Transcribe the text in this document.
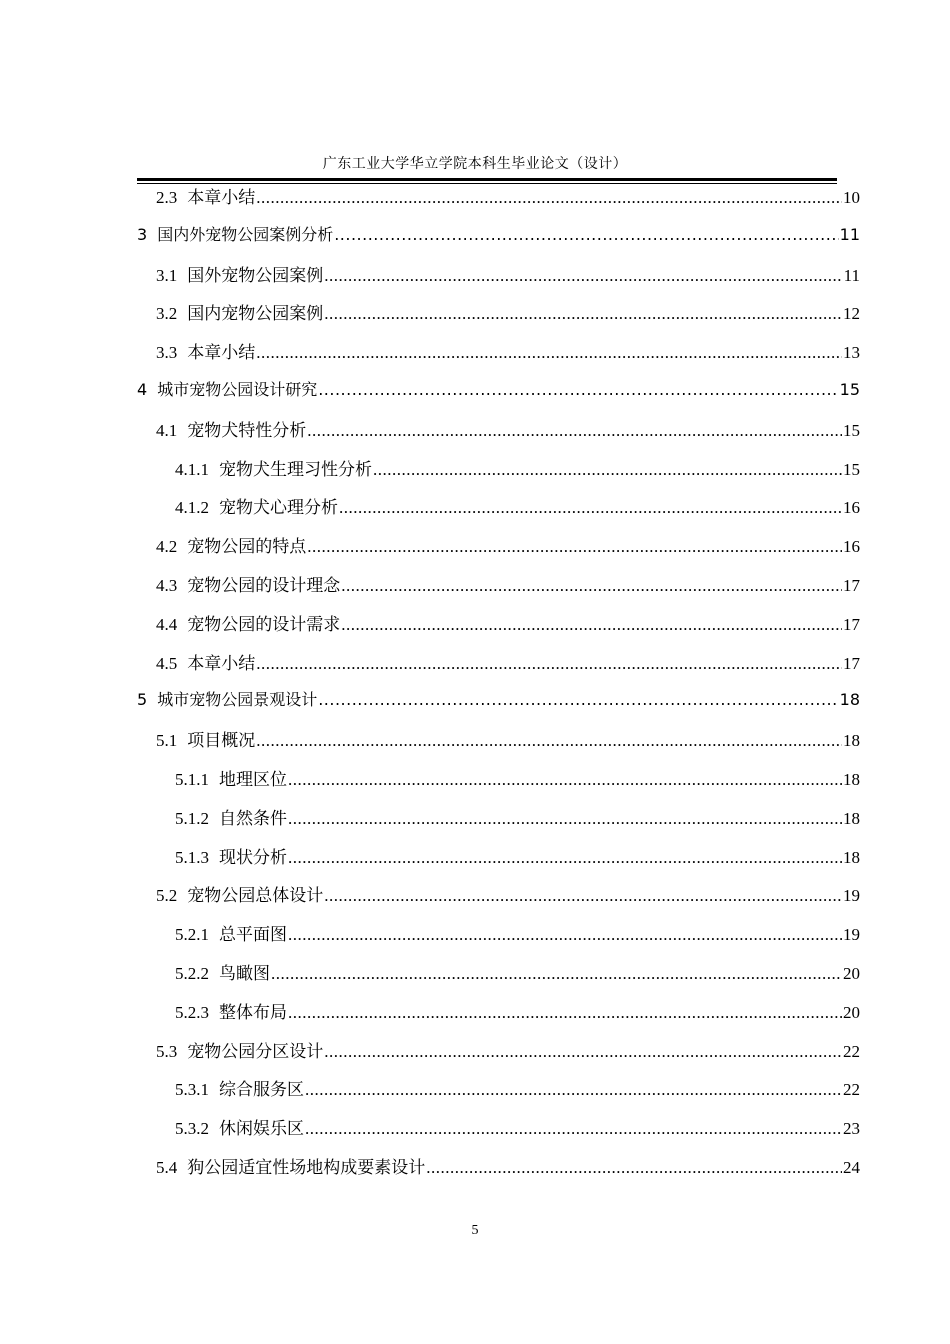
广东工业大学华立学院本科生毕业论文（设计）
2.3 本章小结 .....	10
3 国内外宠物公园案例分析 .....	11
3.1 国外宠物公园案例 .....	11
3.2 国内宠物公园案例 .....	12
3.3 本章小结 .....	13
4 城市宠物公园设计研究 .....	15
4.1 宠物犬特性分析 .....	15
4.1.1 宠物犬生理习性分析 .....	15
4.1.2 宠物犬心理分析 .....	16
4.2 宠物公园的特点 .....	16
4.3 宠物公园的设计理念 .....	17
4.4 宠物公园的设计需求 .....	17
4.5 本章小结 .....	17
5 城市宠物公园景观设计 .....	18
5.1 项目概况 .....	18
5.1.1 地理区位 .....	18
5.1.2 自然条件 .....	18
5.1.3 现状分析 .....	18
5.2 宠物公园总体设计 .....	19
5.2.1 总平面图 .....	19
5.2.2 鸟瞰图 .....	20
5.2.3 整体布局 .....	20
5.3 宠物公园分区设计 .....	22
5.3.1 综合服务区 .....	22
5.3.2 休闲娱乐区 .....	23
5.4 狗公园适宜性场地构成要素设计 .....	24
5
